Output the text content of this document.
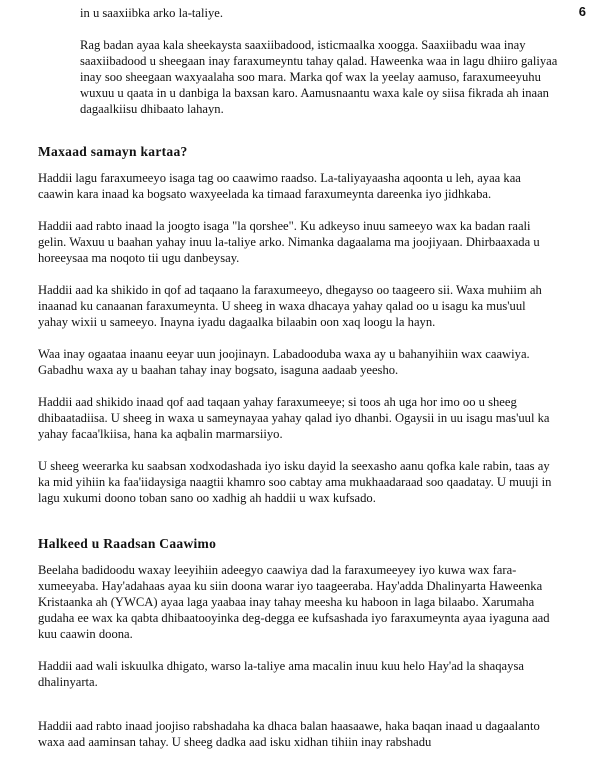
6

in u saaxiibka arko la-taliye.

Rag badan ayaa kala sheekaysta saaxiibadood, isticmaalka xoogga. Saaxiibadu waa inay saaxiibadood u sheegaan inay faraxumeyntu tahay qalad. Haweenka waa in lagu dhiiro galiyaa inay soo sheegaan waxyaalaha soo mara. Marka qof wax la yeelay aamuso, faraxumeeyuhu wuxuu u qaata in u danbiga la baxsan karo. Aamusnaantu waxa kale oy siisa fikrada ah inaan dagaalkiisu dhibaato lahayn.

Maxaad samayn kartaa?

Haddii lagu faraxumeeyo isaga tag oo caawimo raadso. La-taliyayaasha aqoonta u leh, ayaa kaa caawin kara inaad ka bogsato waxyeelada ka timaad faraxumeynta dareenka iyo jidhkaba.

Haddii aad rabto inaad la joogto isaga "la qorshee". Ku adkeyso inuu sameeyo wax ka badan raali gelin. Waxuu u baahan yahay inuu la-taliye arko. Nimanka dagaalama ma joojiyaan. Dhirbaaxada u horeeysaa ma noqoto tii ugu danbeysay.

Haddii aad ka shikido in qof ad taqaano la faraxumeeyo, dhegayso oo taageero sii. Waxa muhiim ah inaanad ku canaanan faraxumeynta. U sheeg in waxa dhacaya yahay qalad oo u isagu ka mus'uul yahay wixii u sameeyo. Inayna iyadu dagaalka bilaabin oon xaq loogu la hayn.

Waa inay ogaataa inaanu eeyar uun joojinayn. Labadooduba waxa ay u bahanyihiin wax caawiya. Gabadhu waxa ay u baahan tahay inay bogsato, isaguna aadaab yeesho.

Haddii aad shikido inaad qof aad taqaan yahay faraxumeeye; si toos ah uga hor imo oo u sheeg dhibaatadiisa. U sheeg in waxa u sameynayaa yahay qalad iyo dhanbi. Ogaysii in uu isagu mas'uul ka yahay facaa'lkiisa, hana ka aqbalin marmarsiiyo.

U sheeg weerarka ku saabsan xodxodashada iyo isku dayid la seexasho aanu qofka kale rabin, taas ay ka mid yihiin ka faa'iidaysiga naagtii khamro soo cabtay ama mukhaadaraad soo qaadatay. U muuji in lagu xukumi doono toban sano oo xadhig ah haddii u wax kufsado.

Halkeed u Raadsan Caawimo

Beelaha badidoodu waxay leeyihiin adeegyo caawiya dad la faraxumeeyey iyo kuwa wax fara-xumeeyaba. Hay'adahaas ayaa ku siin doona warar iyo taageeraba. Hay'adda Dhalinyarta Haweenka Kristaanka ah (YWCA) ayaa laga yaabaa inay tahay meesha ku haboon in laga bilaabo. Xarumaha gudaha ee wax ka qabta dhibaatooyinka deg-degga ee kufsashada iyo faraxumeynta ayaa iyaguna aad kuu caawin doona.

Haddii aad wali iskuulka dhigato, warso la-taliye ama macalin inuu kuu helo Hay'ad la shaqaysa dhalinyarta.

Haddii aad rabto inaad joojiso rabshadaha ka dhaca balan haasaawe, haka baqan inaad u dagaalanto waxa aad aaminsan tahay. U sheeg dadka aad isku xidhan tihiin inay rabshadu
